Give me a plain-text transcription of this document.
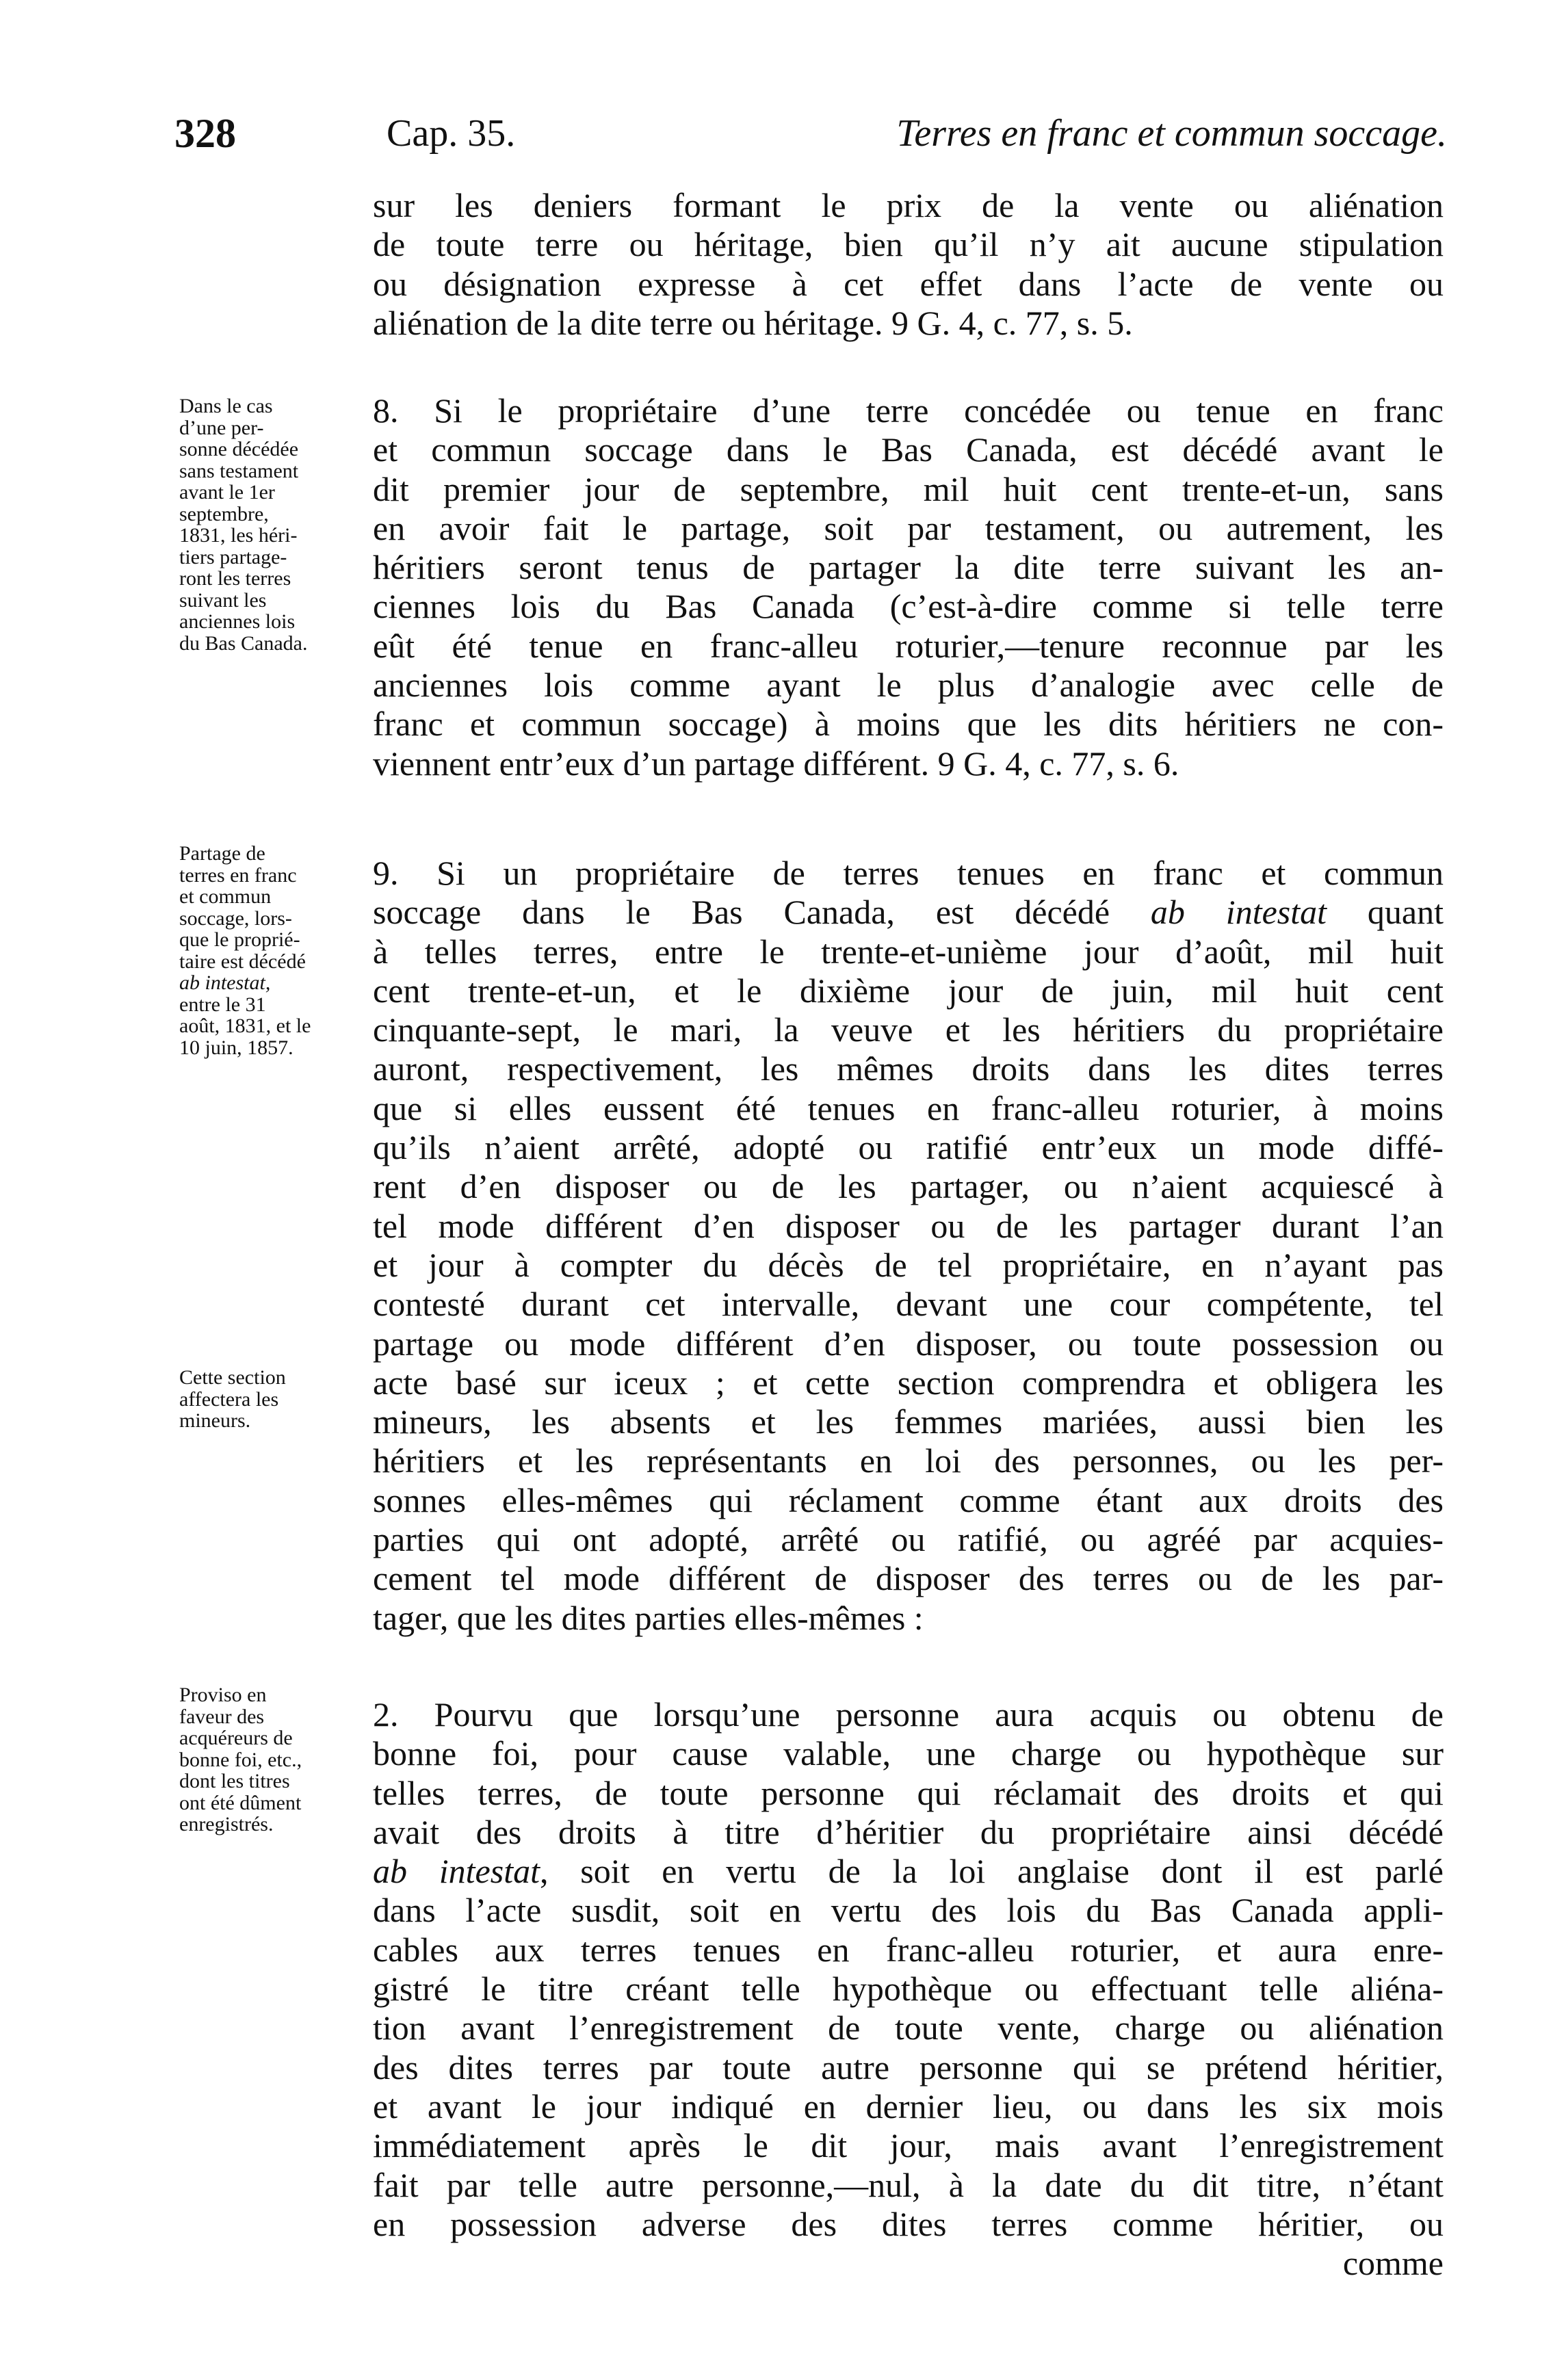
328	Cap. 35.	Terres en franc et commun soccage.
sur les deniers formant le prix de la vente ou aliénation
de toute terre ou héritage, bien qu’il n’y ait aucune stipulation
ou désignation expresse à cet effet dans l’acte de vente ou
aliénation de la dite terre ou héritage. 9 G. 4, c. 77, s. 5.
Dans le cas
d’une per-
sonne décédée
sans testament
avant le 1er
septembre,
1831, les héri-
tiers partage-
ront les terres
suivant les
anciennes lois
du Bas Canada.
8. Si le propriétaire d’une terre concédée ou tenue en franc
et commun soccage dans le Bas Canada, est décédé avant le
dit premier jour de septembre, mil huit cent trente-et-un, sans
en avoir fait le partage, soit par testament, ou autrement, les
héritiers seront tenus de partager la dite terre suivant les an-
ciennes lois du Bas Canada (c’est-à-dire comme si telle terre
eût été tenue en franc-alleu roturier,—tenure reconnue par les
anciennes lois comme ayant le plus d’analogie avec celle de
franc et commun soccage) à moins que les dits héritiers ne con-
viennent entr’eux d’un partage différent. 9 G. 4, c. 77, s. 6.
Partage de
terres en franc
et commun
soccage, lors-
que le proprié-
taire est décédé
ab intestat,
entre le 31
août, 1831, et le
10 juin, 1857.
Cette section
affectera les
mineurs.
9. Si un propriétaire de terres tenues en franc et commun
soccage dans le Bas Canada, est décédé ab intestat quant
à telles terres, entre le trente-et-unième jour d’août, mil huit
cent trente-et-un, et le dixième jour de juin, mil huit cent
cinquante-sept, le mari, la veuve et les héritiers du propriétaire
auront, respectivement, les mêmes droits dans les dites terres
que si elles eussent été tenues en franc-alleu roturier, à moins
qu’ils n’aient arrêté, adopté ou ratifié entr’eux un mode diffé-
rent d’en disposer ou de les partager, ou n’aient acquiescé à
tel mode différent d’en disposer ou de les partager durant l’an
et jour à compter du décès de tel propriétaire, en n’ayant pas
contesté durant cet intervalle, devant une cour compétente, tel
partage ou mode différent d’en disposer, ou toute possession ou
acte basé sur iceux ; et cette section comprendra et obligera les
mineurs, les absents et les femmes mariées, aussi bien les
héritiers et les représentants en loi des personnes, ou les per-
sonnes elles-mêmes qui réclament comme étant aux droits des
parties qui ont adopté, arrêté ou ratifié, ou agréé par acquies-
cement tel mode différent de disposer des terres ou de les par-
tager, que les dites parties elles-mêmes :
Proviso en
faveur des
acquéreurs de
bonne foi, etc.,
dont les titres
ont été dûment
enregistrés.
2. Pourvu que lorsqu’une personne aura acquis ou obtenu de
bonne foi, pour cause valable, une charge ou hypothèque sur
telles terres, de toute personne qui réclamait des droits et qui
avait des droits à titre d’héritier du propriétaire ainsi décédé
ab intestat, soit en vertu de la loi anglaise dont il est parlé
dans l’acte susdit, soit en vertu des lois du Bas Canada appli-
cables aux terres tenues en franc-alleu roturier, et aura enre-
gistré le titre créant telle hypothèque ou effectuant telle aliéna-
tion avant l’enregistrement de toute vente, charge ou aliénation
des dites terres par toute autre personne qui se prétend héritier,
et avant le jour indiqué en dernier lieu, ou dans les six mois
immédiatement après le dit jour, mais avant l’enregistrement
fait par telle autre personne,—nul, à la date du dit titre, n’étant
en possession adverse des dites terres comme héritier, ou
comme
